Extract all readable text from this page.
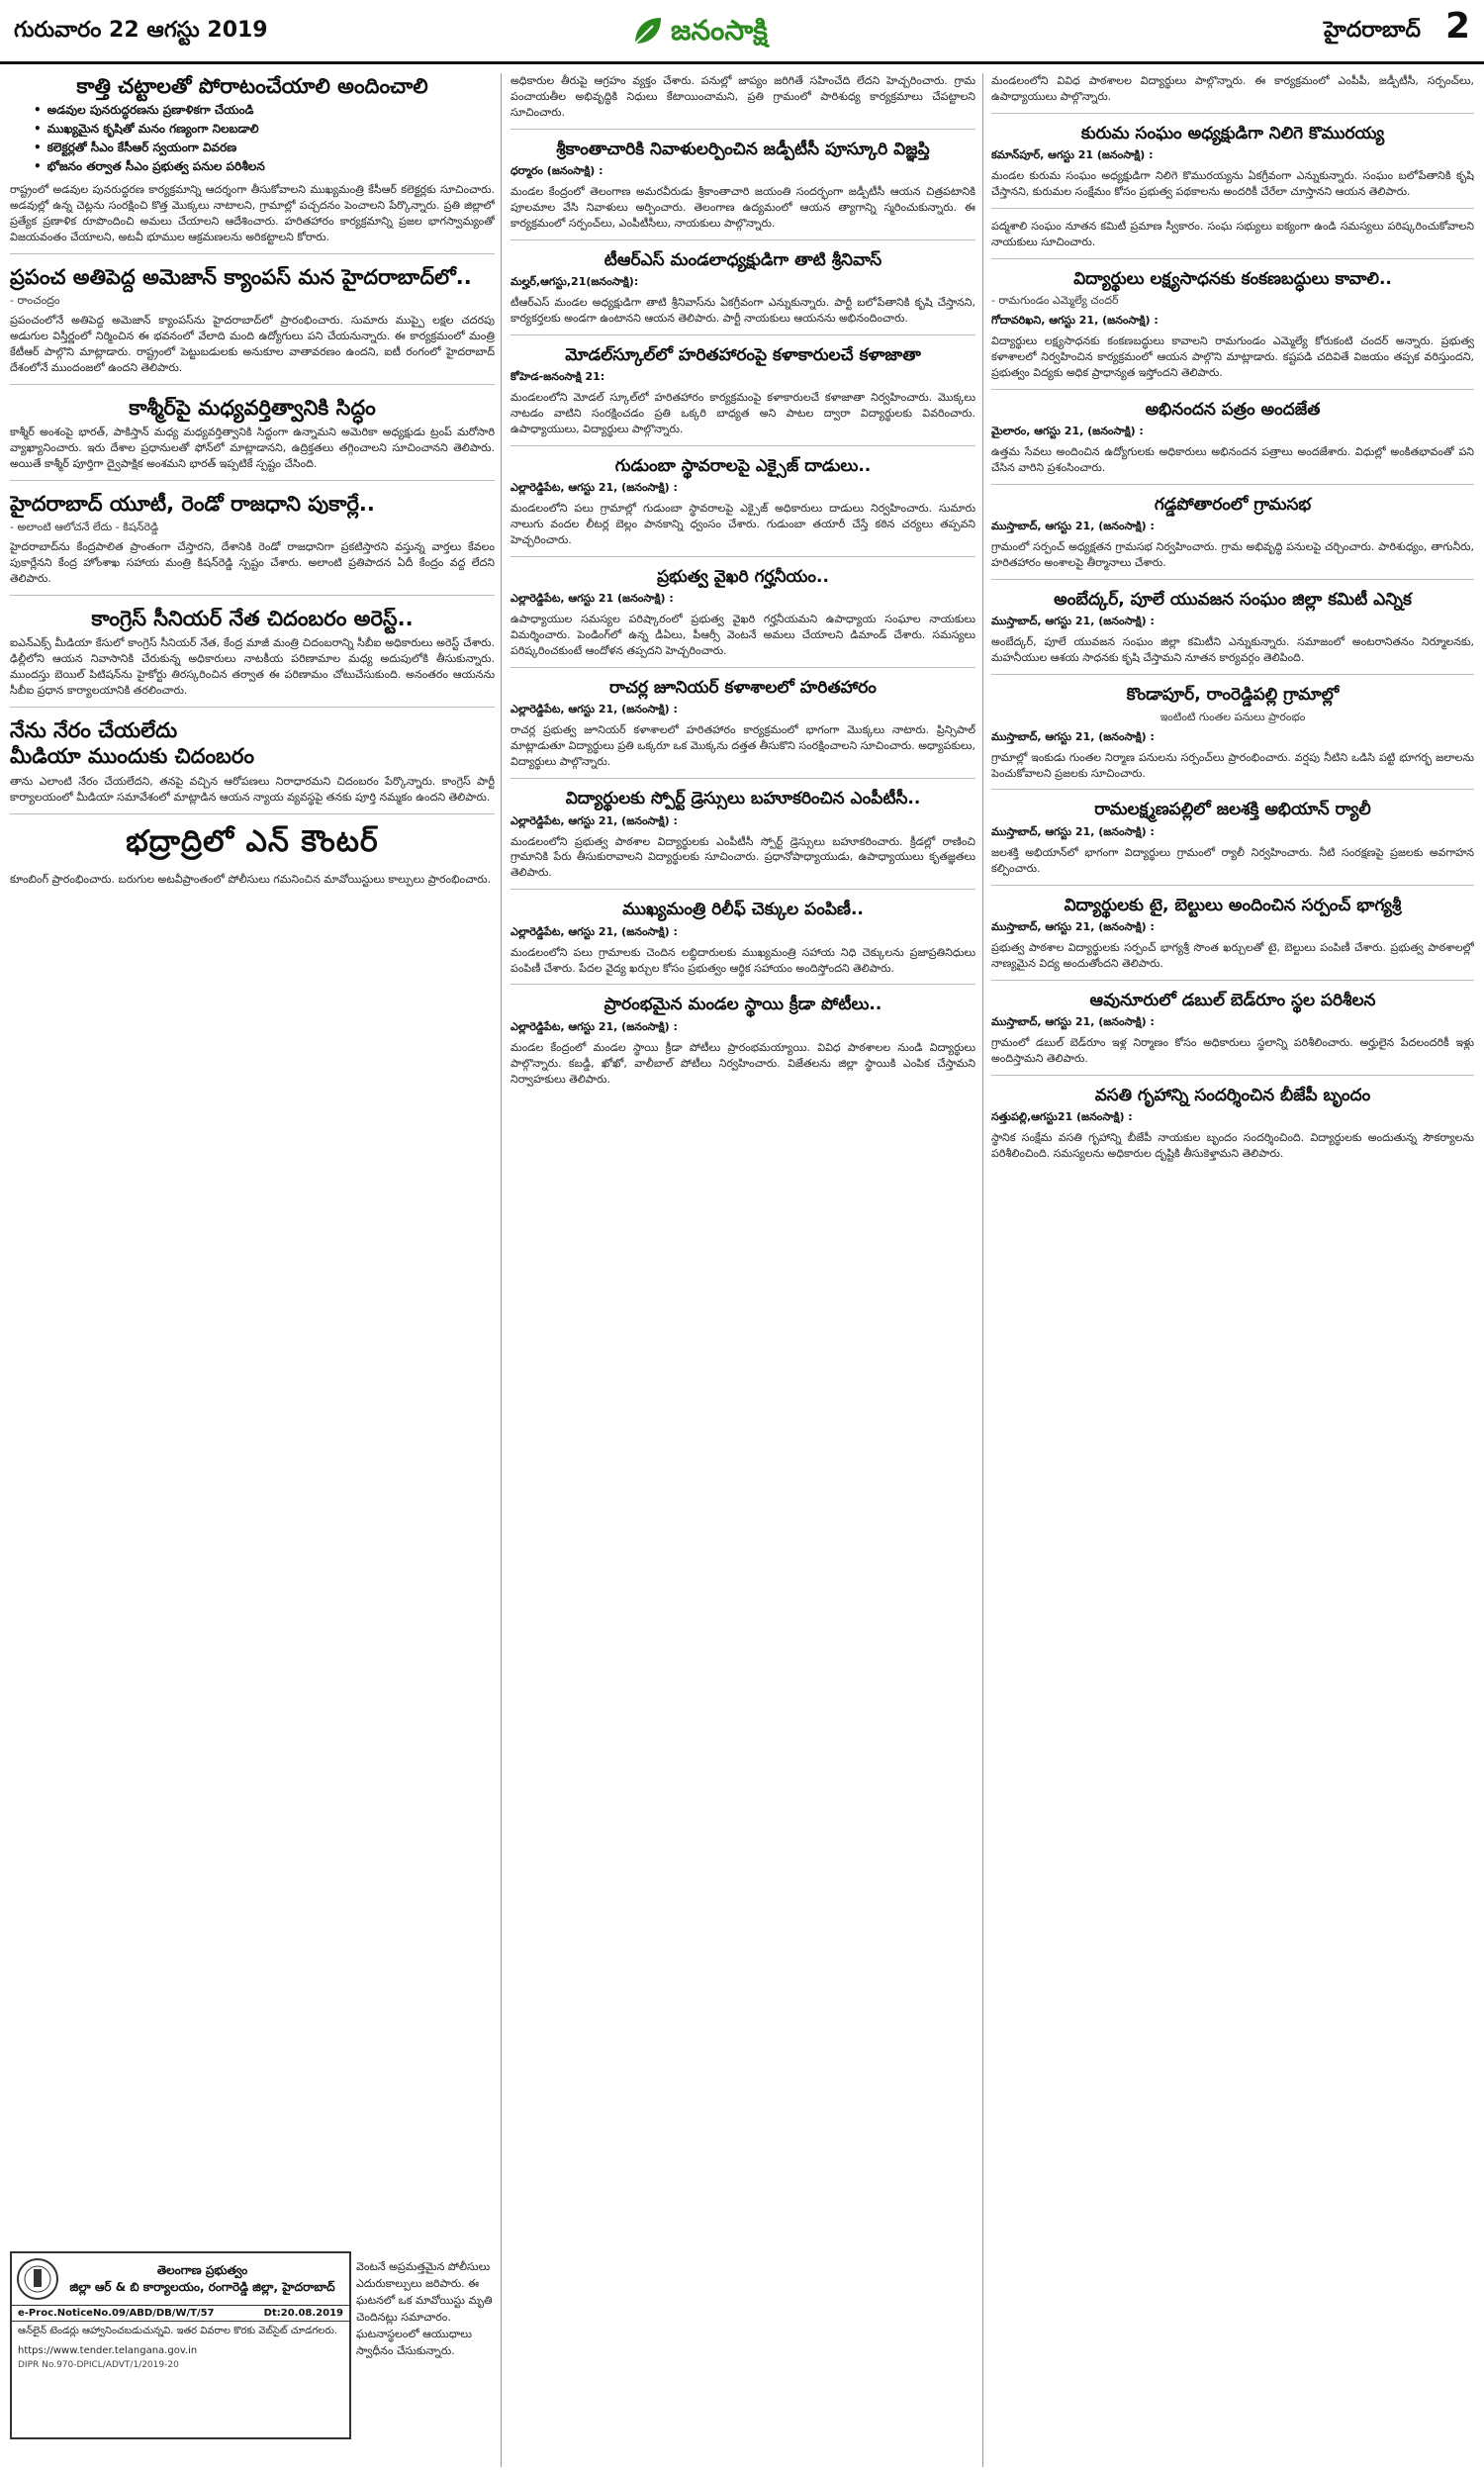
గురువారం 22 ఆగస్టు 2019	జనంసాక్షి	హైదరాబాద్ 2
కాత్తి చట్టాలతో పోరాటంచేయాలి అందించాలి
• అడవుల పునరుద్ధరణను ప్రణాళికగా చేయండి
• ముఖ్యమైన కృషితో మనం గణ్యంగా నిలబడాలి
• కలెక్టర్లతో సీఎం కేసీఆర్ స్వయంగా వివరణ
• భోజనం తర్వాత సీఎం ప్రభుత్వ పనుల పరిశీలన
రాష్ట్రంలో అడవుల పునరుద్ధరణ కార్యక్రమాన్ని ఆదర్శంగా తీసుకోవాలని ముఖ్యమంత్రి కేసీఆర్ కలెక్టర్లకు సూచించారు. అడవుల్లో ఉన్న చెట్లను సంరక్షించి కొత్త మొక్కలు నాటాలని, గ్రామాల్లో పచ్చదనం పెంచాలని పేర్కొన్నారు. ప్రతి జిల్లాలో ప్రత్యేక ప్రణాళిక రూపొందించి అమలు చేయాలని ఆదేశించారు. హరితహారం కార్యక్రమాన్ని ప్రజల భాగస్వామ్యంతో విజయవంతం చేయాలని, అటవీ భూముల ఆక్రమణలను అరికట్టాలని కోరారు.
ప్రపంచ అతిపెద్ద అమెజాన్ క్యాంపస్ మన హైదరాబాద్‌లో..
- రాంచంద్రం
ప్రపంచంలోనే అతిపెద్ద అమెజాన్ క్యాంపస్‌ను హైదరాబాద్‌లో ప్రారంభించారు. సుమారు ముప్పై లక్షల చదరపు అడుగుల విస్తీర్ణంలో నిర్మించిన ఈ భవనంలో వేలాది మంది ఉద్యోగులు పని చేయనున్నారు. ఈ కార్యక్రమంలో మంత్రి కేటీఆర్ పాల్గొని మాట్లాడారు. రాష్ట్రంలో పెట్టుబడులకు అనుకూల వాతావరణం ఉందని, ఐటీ రంగంలో హైదరాబాద్ దేశంలోనే ముందంజలో ఉందని తెలిపారు.
కాశ్మీర్‌పై మధ్యవర్తిత్వానికి సిద్ధం
కాశ్మీర్ అంశంపై భారత్, పాకిస్తాన్ మధ్య మధ్యవర్తిత్వానికి సిద్ధంగా ఉన్నామని అమెరికా అధ్యక్షుడు ట్రంప్ మరోసారి వ్యాఖ్యానించారు. ఇరు దేశాల ప్రధానులతో ఫోన్‌లో మాట్లాడానని, ఉద్రిక్తతలు తగ్గించాలని సూచించానని తెలిపారు. అయితే కాశ్మీర్ పూర్తిగా ద్వైపాక్షిక అంశమని భారత్ ఇప్పటికే స్పష్టం చేసింది.
హైదరాబాద్ యూటీ, రెండో రాజధాని పుకార్లే..
- అలాంటి ఆలోచనే లేదు - కిషన్‌రెడ్డి
హైదరాబాద్‌ను కేంద్రపాలిత ప్రాంతంగా చేస్తారని, దేశానికి రెండో రాజధానిగా ప్రకటిస్తారని వస్తున్న వార్తలు కేవలం పుకార్లేనని కేంద్ర హోంశాఖ సహాయ మంత్రి కిషన్‌రెడ్డి స్పష్టం చేశారు. అలాంటి ప్రతిపాదన ఏదీ కేంద్రం వద్ద లేదని తెలిపారు.
కాంగ్రెస్ సీనియర్ నేత చిదంబరం అరెస్ట్..
ఐఎన్ఎక్స్ మీడియా కేసులో కాంగ్రెస్ సీనియర్ నేత, కేంద్ర మాజీ మంత్రి చిదంబరాన్ని సీబీఐ అధికారులు అరెస్ట్ చేశారు. ఢిల్లీలోని ఆయన నివాసానికి చేరుకున్న అధికారులు నాటకీయ పరిణామాల మధ్య అదుపులోకి తీసుకున్నారు. ముందస్తు బెయిల్ పిటిషన్‌ను హైకోర్టు తిరస్కరించిన తర్వాత ఈ పరిణామం చోటుచేసుకుంది. అనంతరం ఆయనను సీబీఐ ప్రధాన కార్యాలయానికి తరలించారు.
నేను నేరం చేయలేదు
మీడియా ముందుకు చిదంబరం
తాను ఎలాంటి నేరం చేయలేదని, తనపై వచ్చిన ఆరోపణలు నిరాధారమని చిదంబరం పేర్కొన్నారు. కాంగ్రెస్ పార్టీ కార్యాలయంలో మీడియా సమావేశంలో మాట్లాడిన ఆయన న్యాయ వ్యవస్థపై తనకు పూర్తి నమ్మకం ఉందని తెలిపారు.
భద్రాద్రిలో ఎన్ కౌంటర్
కూంబింగ్ ప్రారంభించారు. బరుగుల అటవీప్రాంతంలో పోలీసులు గమనించిన మావోయిస్టులు కాల్పులు ప్రారంభించారు.
తెలంగాణ ప్రభుత్వం
జిల్లా ఆర్ & బి కార్యాలయం, రంగారెడ్డి జిల్లా, హైదరాబాద్
e-Proc.NoticeNo.09/ABD/DB/W/T/57	Dt:20.08.2019
ఆన్‌లైన్ టెండర్లు ఆహ్వానించబడుచున్నవి. ఇతర వివరాల కొరకు వెబ్‌సైట్ చూడగలరు.
https://www.tender.telangana.gov.in
DIPR No.970-DPICL/ADVT/1/2019-20
వెంటనే అప్రమత్తమైన పోలీసులు ఎదురుకాల్పులు జరిపారు. ఈ ఘటనలో ఒక మావోయిస్టు మృతి చెందినట్లు సమాచారం. ఘటనాస్థలంలో ఆయుధాలు స్వాధీనం చేసుకున్నారు.
అధికారుల తీరుపై ఆగ్రహం వ్యక్తం చేశారు. పనుల్లో జాప్యం జరిగితే సహించేది లేదని హెచ్చరించారు. గ్రామ పంచాయతీల అభివృద్ధికి నిధులు కేటాయించామని, ప్రతి గ్రామంలో పారిశుధ్య కార్యక్రమాలు చేపట్టాలని సూచించారు.
శ్రీకాంతాచారికి నివాళులర్పించిన జడ్పీటీసీ పూస్కూరి విజ్ఞప్తి
ధర్మారం (జనంసాక్షి) :
మండల కేంద్రంలో తెలంగాణ అమరవీరుడు శ్రీకాంతాచారి జయంతి సందర్భంగా జడ్పీటీసీ ఆయన చిత్రపటానికి పూలమాల వేసి నివాళులు అర్పించారు. తెలంగాణ ఉద్యమంలో ఆయన త్యాగాన్ని స్మరించుకున్నారు. ఈ కార్యక్రమంలో సర్పంచ్‌లు, ఎంపీటీసీలు, నాయకులు పాల్గొన్నారు.
టీఆర్ఎస్ మండలాధ్యక్షుడిగా తాటి శ్రీనివాస్
మల్హర్,ఆగస్టు,21(జనంసాక్షి):
టీఆర్ఎస్ మండల అధ్యక్షుడిగా తాటి శ్రీనివాస్‌ను ఏకగ్రీవంగా ఎన్నుకున్నారు. పార్టీ బలోపేతానికి కృషి చేస్తానని, కార్యకర్తలకు అండగా ఉంటానని ఆయన తెలిపారు. పార్టీ నాయకులు ఆయనను అభినందించారు.
మోడల్‌స్కూల్‌లో హరితహారంపై కళాకారులచే కళాజాతా
కోహెడ-జనంసాక్షి 21:
మండలంలోని మోడల్ స్కూల్‌లో హరితహారం కార్యక్రమంపై కళాకారులచే కళాజాతా నిర్వహించారు. మొక్కలు నాటడం వాటిని సంరక్షించడం ప్రతి ఒక్కరి బాధ్యత అని పాటల ద్వారా విద్యార్థులకు వివరించారు. ఉపాధ్యాయులు, విద్యార్థులు పాల్గొన్నారు.
గుడుంబా స్థావరాలపై ఎక్సైజ్ దాడులు..
ఎల్లారెడ్డిపేట, ఆగస్టు 21, (జనంసాక్షి) :
మండలంలోని పలు గ్రామాల్లో గుడుంబా స్థావరాలపై ఎక్సైజ్ అధికారులు దాడులు నిర్వహించారు. సుమారు నాలుగు వందల లీటర్ల బెల్లం పానకాన్ని ధ్వంసం చేశారు. గుడుంబా తయారీ చేస్తే కఠిన చర్యలు తప్పవని హెచ్చరించారు.
ప్రభుత్వ వైఖరి గర్హనీయం..
ఎల్లారెడ్డిపేట, ఆగస్టు 21 (జనంసాక్షి) :
ఉపాధ్యాయుల సమస్యల పరిష్కారంలో ప్రభుత్వ వైఖరి గర్హనీయమని ఉపాధ్యాయ సంఘాల నాయకులు విమర్శించారు. పెండింగ్‌లో ఉన్న డీఏలు, పీఆర్సీ వెంటనే అమలు చేయాలని డిమాండ్ చేశారు. సమస్యలు పరిష్కరించకుంటే ఆందోళన తప్పదని హెచ్చరించారు.
రాచర్ల జూనియర్ కళాశాలలో హరితహారం
ఎల్లారెడ్డిపేట, ఆగస్టు 21, (జనంసాక్షి) :
రాచర్ల ప్రభుత్వ జూనియర్ కళాశాలలో హరితహారం కార్యక్రమంలో భాగంగా మొక్కలు నాటారు. ప్రిన్సిపాల్ మాట్లాడుతూ విద్యార్థులు ప్రతి ఒక్కరూ ఒక మొక్కను దత్తత తీసుకొని సంరక్షించాలని సూచించారు. అధ్యాపకులు, విద్యార్థులు పాల్గొన్నారు.
విద్యార్థులకు స్పోర్ట్ డ్రెస్సులు బహూకరించిన ఎంపీటీసీ..
ఎల్లారెడ్డిపేట, ఆగస్టు 21, (జనంసాక్షి) :
మండలంలోని ప్రభుత్వ పాఠశాల విద్యార్థులకు ఎంపీటీసీ స్పోర్ట్ డ్రెస్సులు బహూకరించారు. క్రీడల్లో రాణించి గ్రామానికి పేరు తీసుకురావాలని విద్యార్థులకు సూచించారు. ప్రధానోపాధ్యాయుడు, ఉపాధ్యాయులు కృతజ్ఞతలు తెలిపారు.
ముఖ్యమంత్రి రిలీఫ్ చెక్కుల పంపిణీ..
ఎల్లారెడ్డిపేట, ఆగస్టు 21, (జనంసాక్షి) :
మండలంలోని పలు గ్రామాలకు చెందిన లబ్ధిదారులకు ముఖ్యమంత్రి సహాయ నిధి చెక్కులను ప్రజాప్రతినిధులు పంపిణీ చేశారు. పేదల వైద్య ఖర్చుల కోసం ప్రభుత్వం ఆర్థిక సహాయం అందిస్తోందని తెలిపారు.
ప్రారంభమైన మండల స్థాయి క్రీడా పోటీలు..
ఎల్లారెడ్డిపేట, ఆగస్టు 21, (జనంసాక్షి) :
మండల కేంద్రంలో మండల స్థాయి క్రీడా పోటీలు ప్రారంభమయ్యాయి. వివిధ పాఠశాలల నుండి విద్యార్థులు పాల్గొన్నారు. కబడ్డీ, ఖోఖో, వాలీబాల్ పోటీలు నిర్వహించారు. విజేతలను జిల్లా స్థాయికి ఎంపిక చేస్తామని నిర్వాహకులు తెలిపారు.
మండలంలోని వివిధ పాఠశాలల విద్యార్థులు పాల్గొన్నారు. ఈ కార్యక్రమంలో ఎంపీపీ, జడ్పీటీసీ, సర్పంచ్‌లు, ఉపాధ్యాయులు పాల్గొన్నారు.
కురుమ సంఘం అధ్యక్షుడిగా నిలిగె కొమురయ్య
కమాన్‌పూర్, ఆగస్టు 21 (జనంసాక్షి) :
మండల కురుమ సంఘం అధ్యక్షుడిగా నిలిగె కొమురయ్యను ఏకగ్రీవంగా ఎన్నుకున్నారు. సంఘం బలోపేతానికి కృషి చేస్తానని, కురుమల సంక్షేమం కోసం ప్రభుత్వ పథకాలను అందరికీ చేరేలా చూస్తానని ఆయన తెలిపారు.
పద్మశాలి సంఘం నూతన కమిటీ ప్రమాణ స్వీకారం. సంఘ సభ్యులు ఐక్యంగా ఉండి సమస్యలు పరిష్కరించుకోవాలని నాయకులు సూచించారు.
విద్యార్థులు లక్ష్యసాధనకు కంకణబద్ధులు కావాలి..
- రామగుండం ఎమ్మెల్యే చందర్
గోదావరిఖని, ఆగస్టు 21, (జనంసాక్షి) :
విద్యార్థులు లక్ష్యసాధనకు కంకణబద్ధులు కావాలని రామగుండం ఎమ్మెల్యే కోరుకంటి చందర్ అన్నారు. ప్రభుత్వ కళాశాలలో నిర్వహించిన కార్యక్రమంలో ఆయన పాల్గొని మాట్లాడారు. కష్టపడి చదివితే విజయం తప్పక వరిస్తుందని, ప్రభుత్వం విద్యకు అధిక ప్రాధాన్యత ఇస్తోందని తెలిపారు.
అభినందన పత్రం అందజేత
మైలారం, ఆగస్టు 21, (జనంసాక్షి) :
ఉత్తమ సేవలు అందించిన ఉద్యోగులకు అధికారులు అభినందన పత్రాలు అందజేశారు. విధుల్లో అంకితభావంతో పని చేసిన వారిని ప్రశంసించారు.
గడ్డపోతారంలో గ్రామసభ
ముస్తాబాద్, ఆగస్టు 21, (జనంసాక్షి) :
గ్రామంలో సర్పంచ్ అధ్యక్షతన గ్రామసభ నిర్వహించారు. గ్రామ అభివృద్ధి పనులపై చర్చించారు. పారిశుధ్యం, తాగునీరు, హరితహారం అంశాలపై తీర్మానాలు చేశారు.
అంబేద్కర్, పూలే యువజన సంఘం జిల్లా కమిటీ ఎన్నిక
ముస్తాబాద్, ఆగస్టు 21, (జనంసాక్షి) :
అంబేద్కర్, పూలే యువజన సంఘం జిల్లా కమిటీని ఎన్నుకున్నారు. సమాజంలో అంటరానితనం నిర్మూలనకు, మహనీయుల ఆశయ సాధనకు కృషి చేస్తామని నూతన కార్యవర్గం తెలిపింది.
కొండాపూర్, రాంరెడ్డిపల్లి గ్రామాల్లో
ఇంటింటి గుంతల పనులు ప్రారంభం
ముస్తాబాద్, ఆగస్టు 21, (జనంసాక్షి) :
గ్రామాల్లో ఇంకుడు గుంతల నిర్మాణ పనులను సర్పంచ్‌లు ప్రారంభించారు. వర్షపు నీటిని ఒడిసి పట్టి భూగర్భ జలాలను పెంచుకోవాలని ప్రజలకు సూచించారు.
రామలక్ష్మణపల్లిలో జలశక్తి అభియాన్ ర్యాలీ
ముస్తాబాద్, ఆగస్టు 21, (జనంసాక్షి) :
జలశక్తి అభియాన్‌లో భాగంగా విద్యార్థులు గ్రామంలో ర్యాలీ నిర్వహించారు. నీటి సంరక్షణపై ప్రజలకు అవగాహన కల్పించారు.
విద్యార్థులకు టై, బెల్టులు అందించిన సర్పంచ్ భాగ్యశ్రీ
ముస్తాబాద్, ఆగస్టు 21, (జనంసాక్షి) :
ప్రభుత్వ పాఠశాల విద్యార్థులకు సర్పంచ్ భాగ్యశ్రీ సొంత ఖర్చులతో టై, బెల్టులు పంపిణీ చేశారు. ప్రభుత్వ పాఠశాలల్లో నాణ్యమైన విద్య అందుతోందని తెలిపారు.
ఆవునూరులో డబుల్ బెడ్‌రూం స్థల పరిశీలన
ముస్తాబాద్, ఆగస్టు 21, (జనంసాక్షి) :
గ్రామంలో డబుల్ బెడ్‌రూం ఇళ్ల నిర్మాణం కోసం అధికారులు స్థలాన్ని పరిశీలించారు. అర్హులైన పేదలందరికీ ఇళ్లు అందిస్తామని తెలిపారు.
వసతి గృహాన్ని సందర్శించిన బీజేపీ బృందం
సత్తుపల్లి,ఆగస్టు21 (జనంసాక్షి) :
స్థానిక సంక్షేమ వసతి గృహాన్ని బీజేపీ నాయకుల బృందం సందర్శించింది. విద్యార్థులకు అందుతున్న సౌకర్యాలను పరిశీలించింది. సమస్యలను అధికారుల దృష్టికి తీసుకెళ్తామని తెలిపారు.
